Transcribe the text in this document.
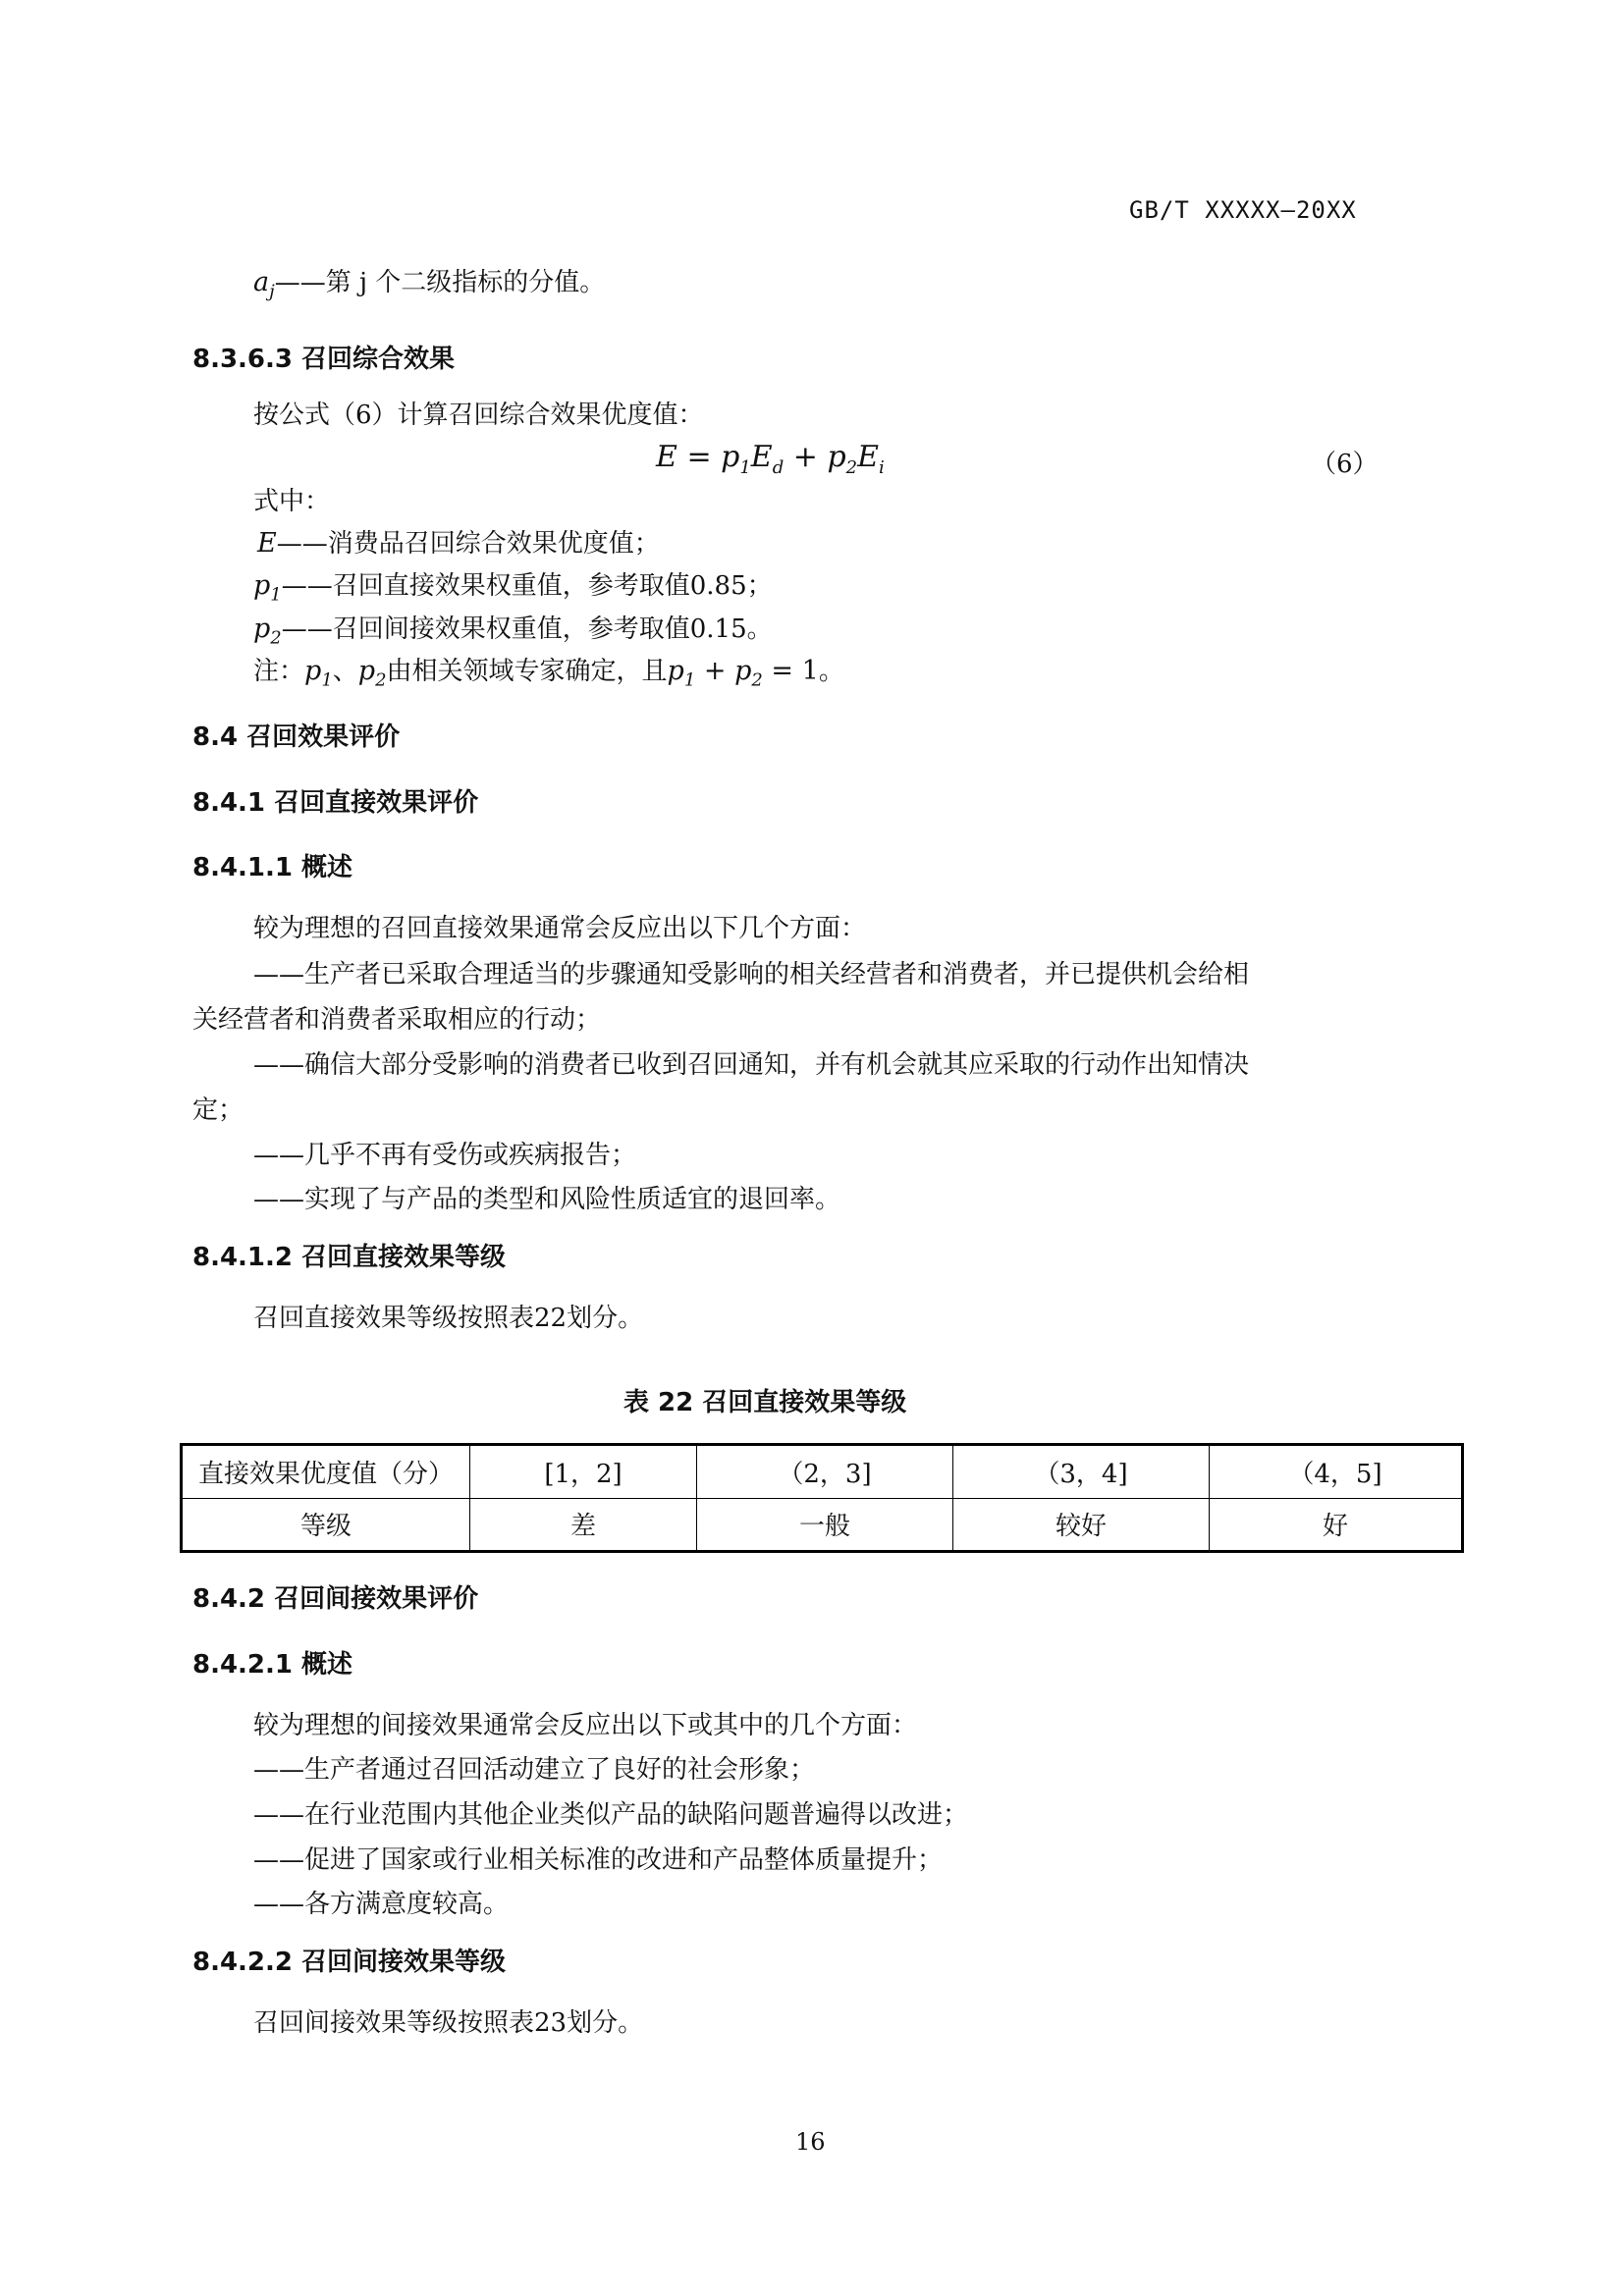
GB/T XXXXX—20XX
$a_j——$第 j 个二级指标的分值。
8.3.6.3 召回综合效果
按公式（6）计算召回综合效果优度值：
$E = p_1E_d + p_2E_i$	（6）
式中：
E——消费品召回综合效果优度值；
$p_1——$召回直接效果权重值，参考取值0.85；
$p_2——$召回间接效果权重值，参考取值0.15。
注：$p_1$、$p_2$由相关领域专家确定，且$p_1 + p_2 = 1$。
8.4 召回效果评价
8.4.1 召回直接效果评价
8.4.1.1 概述
较为理想的召回直接效果通常会反应出以下几个方面：
——生产者已采取合理适当的步骤通知受影响的相关经营者和消费者，并已提供机会给相
关经营者和消费者采取相应的行动；
——确信大部分受影响的消费者已收到召回通知，并有机会就其应采取的行动作出知情决
定；
——几乎不再有受伤或疾病报告；
——实现了与产品的类型和风险性质适宜的退回率。
8.4.1.2 召回直接效果等级
召回直接效果等级按照表22划分。
表 22 召回直接效果等级
直接效果优度值（分）	[1，2]	（2，3]	（3，4]	（4，5]
等级	差	一般	较好	好
8.4.2 召回间接效果评价
8.4.2.1 概述
较为理想的间接效果通常会反应出以下或其中的几个方面：
——生产者通过召回活动建立了良好的社会形象；
——在行业范围内其他企业类似产品的缺陷问题普遍得以改进；
——促进了国家或行业相关标准的改进和产品整体质量提升；
——各方满意度较高。
8.4.2.2 召回间接效果等级
召回间接效果等级按照表23划分。
16
